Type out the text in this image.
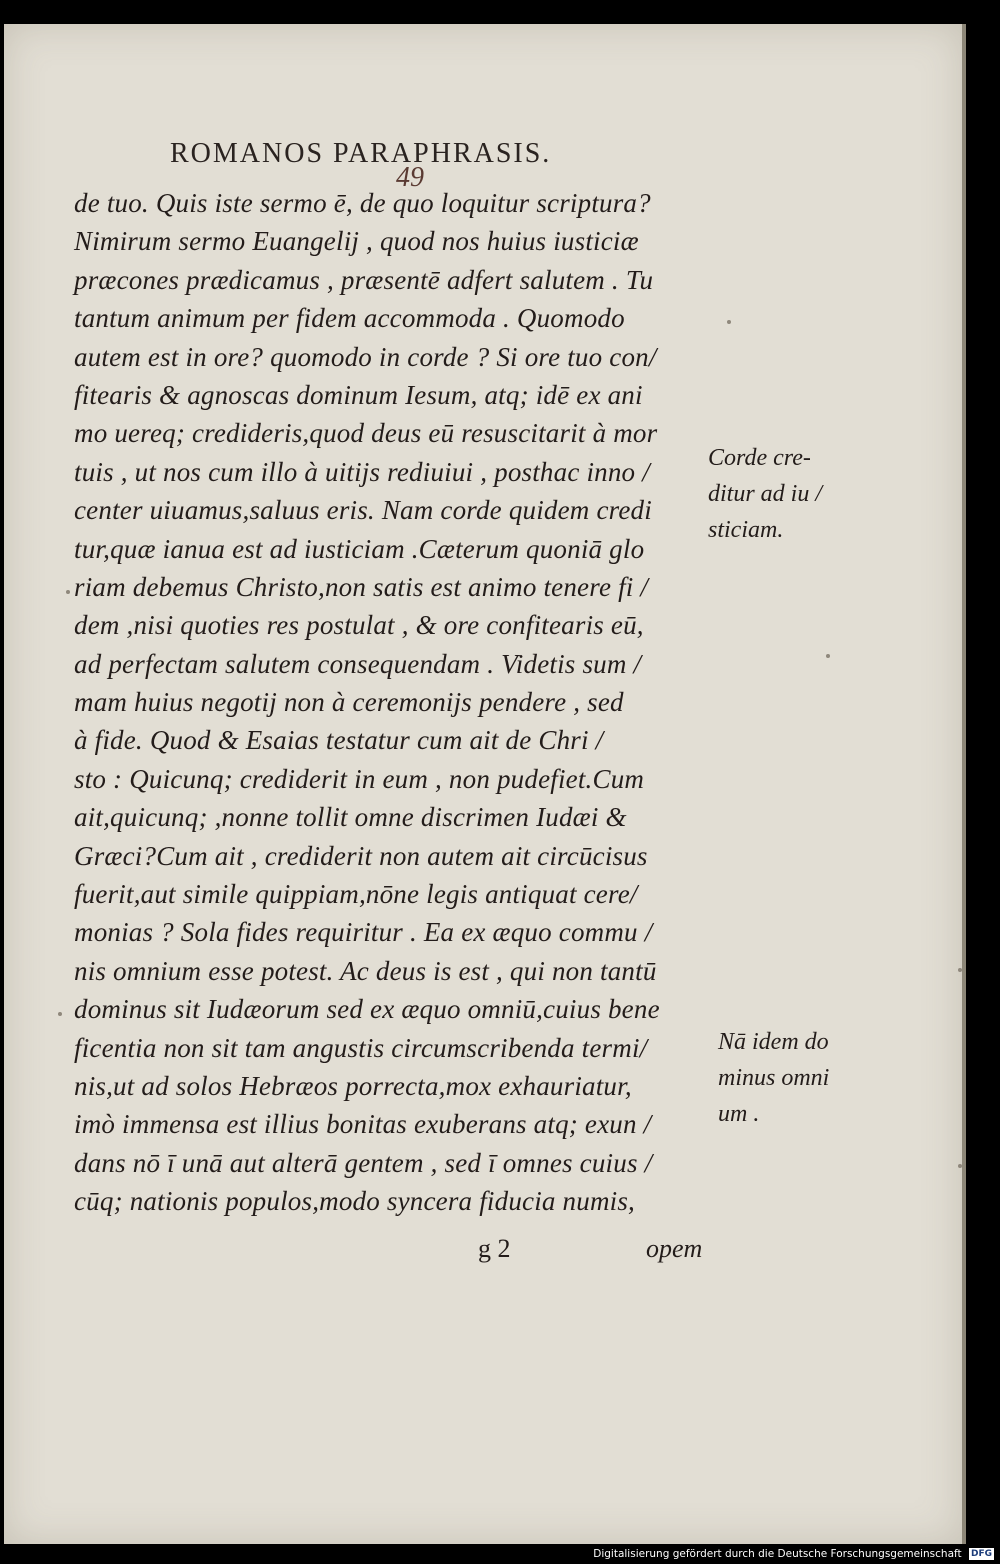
ROMANOS PARAPHRASIS.
49
de tuo. Quis iste sermo ē, de quo loquitur scriptura?
Nimirum sermo Euangelij , quod nos huius iusticiæ
præcones prædicamus , præsentē adfert salutem . Tu
tantum animum per fidem accommoda . Quomodo
autem est in ore? quomodo in corde ? Si ore tuo con/
fitearis & agnoscas dominum Iesum, atq; idē ex ani
mo uereq; credideris,quod deus eū resuscitarit à mor
tuis , ut nos cum illo à uitijs rediuiui , posthac inno /
center uiuamus,saluus eris. Nam corde quidem credi
tur,quæ ianua est ad iusticiam .Cæterum quoniā glo
riam debemus Christo,non satis est animo tenere fi /
dem ,nisi quoties res postulat , & ore confitearis eū,
ad perfectam salutem consequendam . Videtis sum /
mam huius negotij non à ceremonijs pendere , sed
à fide. Quod & Esaias testatur cum ait de Chri /
sto : Quicunq; crediderit in eum , non pudefiet.Cum
ait,quicunq; ,nonne tollit omne discrimen Iudæi &
Græci?Cum ait , crediderit non autem ait circūcisus
fuerit,aut simile quippiam,nōne legis antiquat cere/
monias ? Sola fides requiritur . Ea ex æquo commu /
nis omnium esse potest. Ac deus is est , qui non tantū
dominus sit Iudæorum sed ex æquo omniū,cuius bene
ficentia non sit tam angustis circumscribenda termi/
nis,ut ad solos Hebræos porrecta,mox exhauriatur,
imò immensa est illius bonitas exuberans atq; exun /
dans nō ī unā aut alterā gentem , sed ī omnes cuius /
cūq; nationis populos,modo syncera fiducia numis,
Corde cre-
ditur ad iu /
sticiam.
Nā idem do
minus omni
um .
g 2	opem
Digitalisierung gefördert durch die Deutsche Forschungsgemeinschaft DFG
